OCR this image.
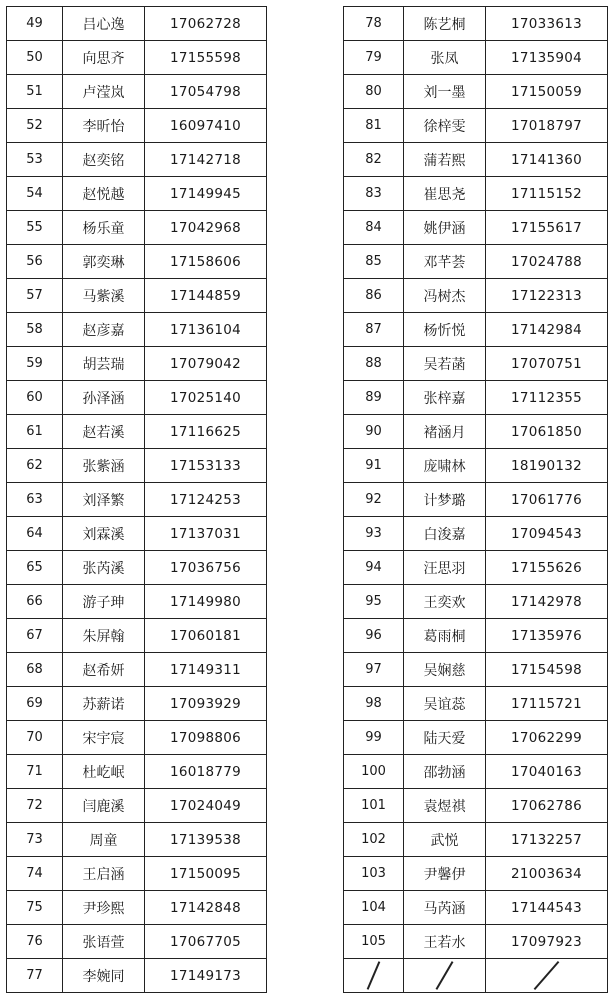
49	吕心逸	17062728	
50	向思齐	17155598	
51	卢滢岚	17054798	
52	李昕怡	16097410	
53	赵奕铭	17142718	
54	赵悦越	17149945	
55	杨乐童	17042968	
56	郭奕琳	17158606	
57	马紫溪	17144859	
58	赵彦嘉	17136104	
59	胡芸瑞	17079042	
60	孙泽涵	17025140	
61	赵若溪	17116625	
62	张紫涵	17153133	
63	刘泽繁	17124253	
64	刘霖溪	17137031	
65	张芮溪	17036756	
66	游子珅	17149980	
67	朱屏翰	17060181	
68	赵希妍	17149311	
69	苏薪诺	17093929	
70	宋宇宸	17098806	
71	杜屹岷	16018779	
72	闫鹿溪	17024049	
73	周童	17139538	
74	王启涵	17150095	
75	尹珍熙	17142848	
76	张语萱	17067705	
77	李婉同	17149173	
78	陈艺桐	17033613
79	张凤	17135904
80	刘一墨	17150059
81	徐梓雯	17018797
82	蒲若熙	17141360
83	崔思尧	17115152
84	姚伊涵	17155617
85	邓芊荟	17024788
86	冯树杰	17122313
87	杨忻悦	17142984
88	吴若菡	17070751
89	张梓嘉	17112355
90	褚涵月	17061850
91	庞啸林	18190132
92	计梦璐	17061776
93	白浚嘉	17094543
94	汪思羽	17155626
95	王奕欢	17142978
96	葛雨桐	17135976
97	吴娴慈	17154598
98	吴谊蕊	17115721
99	陆天爱	17062299
100	邵勃涵	17040163
101	袁煜祺	17062786
102	武悦	17132257
103	尹馨伊	21003634
104	马芮涵	17144543
105	王若水	17097923
